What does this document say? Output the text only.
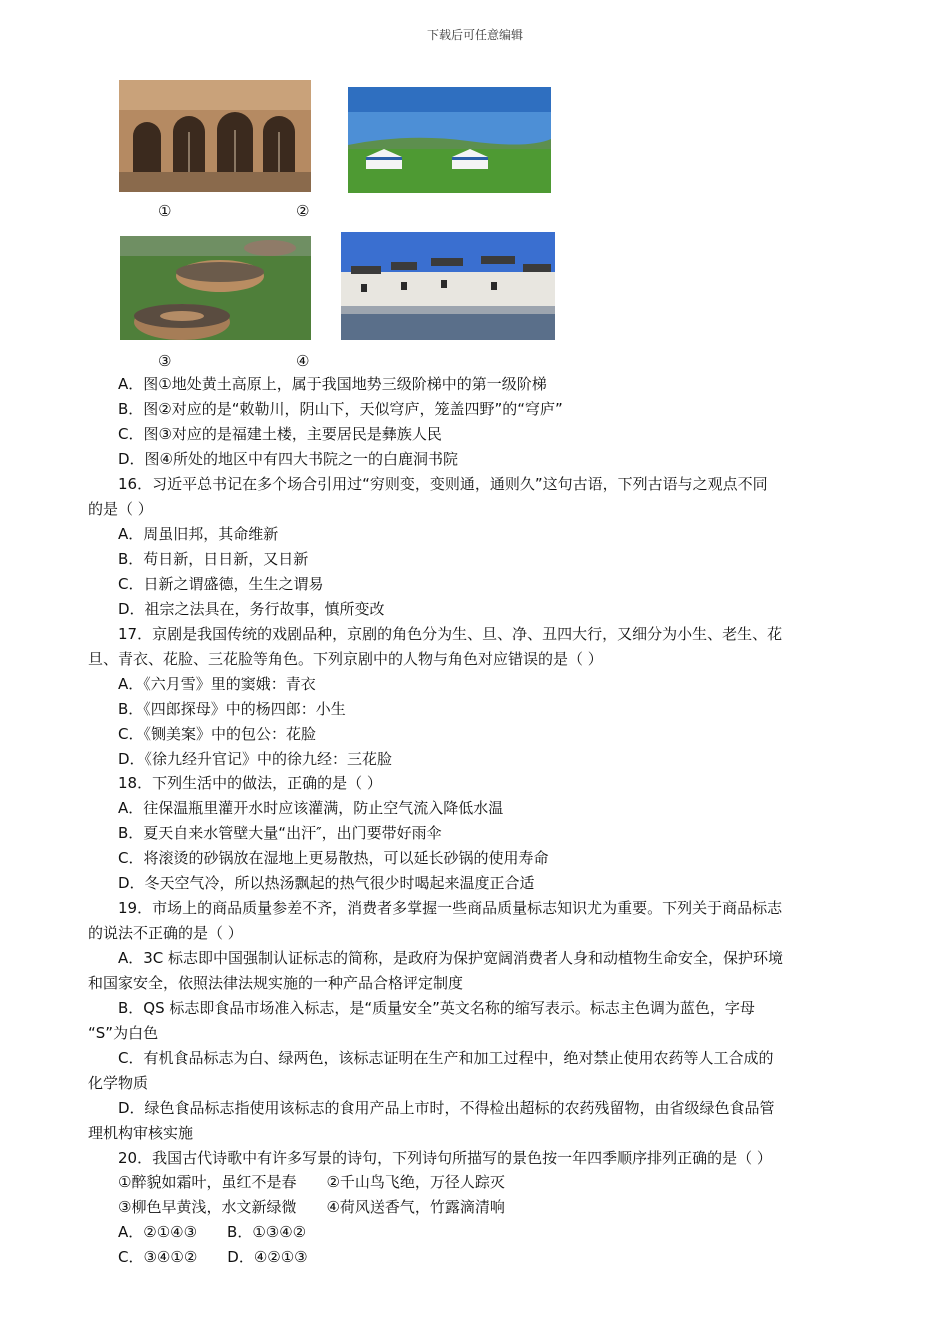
下载后可任意编辑
①	②
③	④
A．图①地处黄土高原上，属于我国地势三级阶梯中的第一级阶梯
B．图②对应的是“敕勒川，阴山下，天似穹庐，笼盖四野”的“穹庐”
C．图③对应的是福建土楼，主要居民是彝族人民
D．图④所处的地区中有四大书院之一的白鹿洞书院
16．习近平总书记在多个场合引用过“穷则变，变则通，通则久”这句古语，下列古语与之观点不同
的是（ ）
A．周虽旧邦，其命维新
B．苟日新，日日新，又日新
C．日新之谓盛德，生生之谓易
D．祖宗之法具在，务行故事，慎所变改
17．京剧是我国传统的戏剧品种，京剧的角色分为生、旦、净、丑四大行，又细分为小生、老生、花
旦、青衣、花脸、三花脸等角色。下列京剧中的人物与角色对应错误的是（ ）
A．《六月雪》里的窦娥：青衣
B．《四郎探母》中的杨四郎：小生
C．《铡美案》中的包公：花脸
D．《徐九经升官记》中的徐九经：三花脸
18．下列生活中的做法，正确的是（ ）
A．往保温瓶里灌开水时应该灌满，防止空气流入降低水温
B．夏天自来水管壁大量“出汗″，出门要带好雨伞
C．将滚烫的砂锅放在湿地上更易散热，可以延长砂锅的使用寿命
D．冬天空气冷，所以热汤飘起的热气很少时喝起来温度正合适
19．市场上的商品质量参差不齐，消费者多掌握一些商品质量标志知识尤为重要。下列关于商品标志
的说法不正确的是（ ）
A．3C 标志即中国强制认证标志的简称，是政府为保护宽阔消费者人身和动植物生命安全，保护环境
和国家安全，依照法律法规实施的一种产品合格评定制度
B．QS 标志即食品市场准入标志，是“质量安全”英文名称的缩写表示。标志主色调为蓝色，字母
“S”为白色
C．有机食品标志为白、绿两色，该标志证明在生产和加工过程中，绝对禁止使用农药等人工合成的
化学物质
D．绿色食品标志指使用该标志的食用产品上市时，不得检出超标的农药残留物，由省级绿色食品管
理机构审核实施
20．我国古代诗歌中有许多写景的诗句，下列诗句所描写的景色按一年四季顺序排列正确的是（ ）
①醉貌如霜叶，虽红不是春　　②千山鸟飞绝，万径人踪灭
③柳色早黄浅，水文新绿微　　④荷风送香气，竹露滴清响
A．②①④③　　B．①③④②
C．③④①②　　D．④②①③
